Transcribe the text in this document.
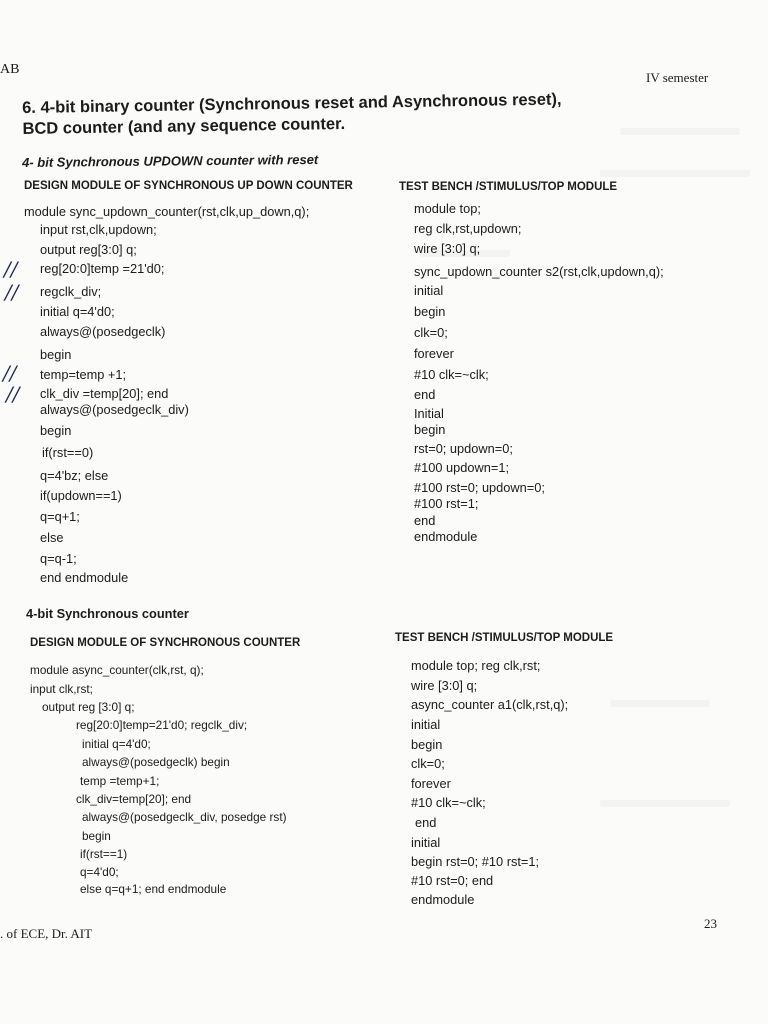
AB
IV semester
6. 4-bit binary counter (Synchronous reset and Asynchronous reset),
BCD counter (and any sequence counter.
4- bit Synchronous UPDOWN counter with reset
DESIGN MODULE OF SYNCHRONOUS UP DOWN COUNTER	TEST BENCH /STIMULUS/TOP MODULE
module sync_updown_counter(rst,clk,up_down,q);
input rst,clk,updown;
output reg[3:0] q;
reg[20:0]temp =21'd0;
regclk_div;
initial q=4'd0;
always@(posedgeclk)
begin
temp=temp +1;
clk_div =temp[20]; end
always@(posedgeclk_div)
begin
if(rst==0)
q=4'bz; else
if(updown==1)
q=q+1;
else
q=q-1;
end endmodule
//
//
//
//
module top;
reg clk,rst,updown;
wire [3:0] q;
sync_updown_counter s2(rst,clk,updown,q);
initial
begin
clk=0;
forever
#10 clk=~clk;
end
Initial
begin
rst=0; updown=0;
#100 updown=1;
#100 rst=0; updown=0;
#100 rst=1;
end
endmodule
4-bit Synchronous counter
DESIGN MODULE OF SYNCHRONOUS COUNTER	TEST BENCH /STIMULUS/TOP MODULE
module async_counter(clk,rst, q);
input clk,rst;
output reg [3:0] q;
reg[20:0]temp=21'd0; regclk_div;
initial q=4'd0;
always@(posedgeclk) begin
temp =temp+1;
clk_div=temp[20]; end
always@(posedgeclk_div, posedge rst)
begin
if(rst==1)
q=4'd0;
else q=q+1; end endmodule
module top; reg clk,rst;
wire [3:0] q;
async_counter a1(clk,rst,q);
initial
begin
clk=0;
forever
#10 clk=~clk;
end
initial
begin rst=0; #10 rst=1;
#10 rst=0; end
endmodule
. of ECE, Dr. AIT
23
